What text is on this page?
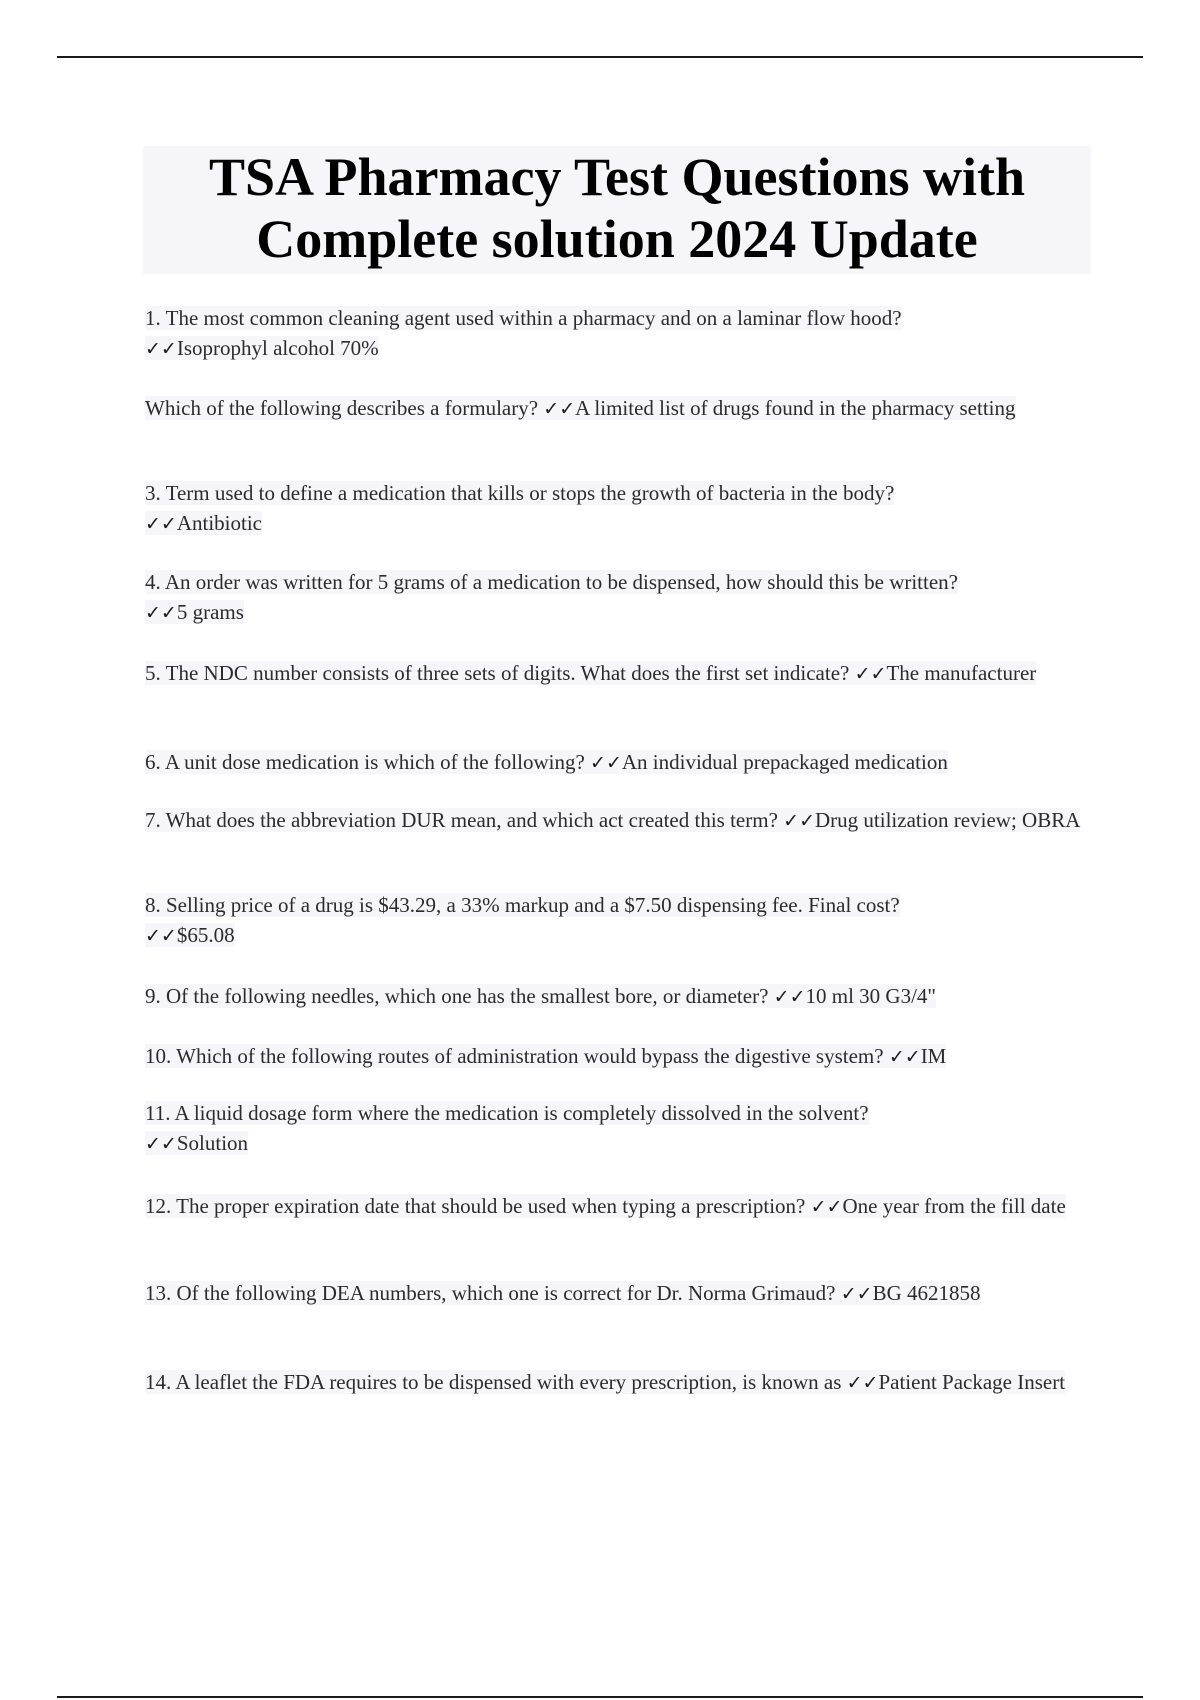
TSA Pharmacy Test Questions with
Complete solution 2024 Update
1. The most common cleaning agent used within a pharmacy and on a laminar flow hood?
✓✓Isoprophyl alcohol 70%
Which of the following describes a formulary? ✓✓A limited list of drugs found in the pharmacy setting
3. Term used to define a medication that kills or stops the growth of bacteria in the body?
✓✓Antibiotic
4. An order was written for 5 grams of a medication to be dispensed, how should this be written?
✓✓5 grams
5. The NDC number consists of three sets of digits. What does the first set indicate? ✓✓The manufacturer
6. A unit dose medication is which of the following? ✓✓An individual prepackaged medication
7. What does the abbreviation DUR mean, and which act created this term? ✓✓Drug utilization review; OBRA
8. Selling price of a drug is $43.29, a 33% markup and a $7.50 dispensing fee. Final cost?
✓✓$65.08
9. Of the following needles, which one has the smallest bore, or diameter? ✓✓10 ml 30 G3/4"
10. Which of the following routes of administration would bypass the digestive system? ✓✓IM
11. A liquid dosage form where the medication is completely dissolved in the solvent?
✓✓Solution
12. The proper expiration date that should be used when typing a prescription? ✓✓One year from the fill date
13. Of the following DEA numbers, which one is correct for Dr. Norma Grimaud? ✓✓BG 4621858
14. A leaflet the FDA requires to be dispensed with every prescription, is known as ✓✓Patient Package Insert
